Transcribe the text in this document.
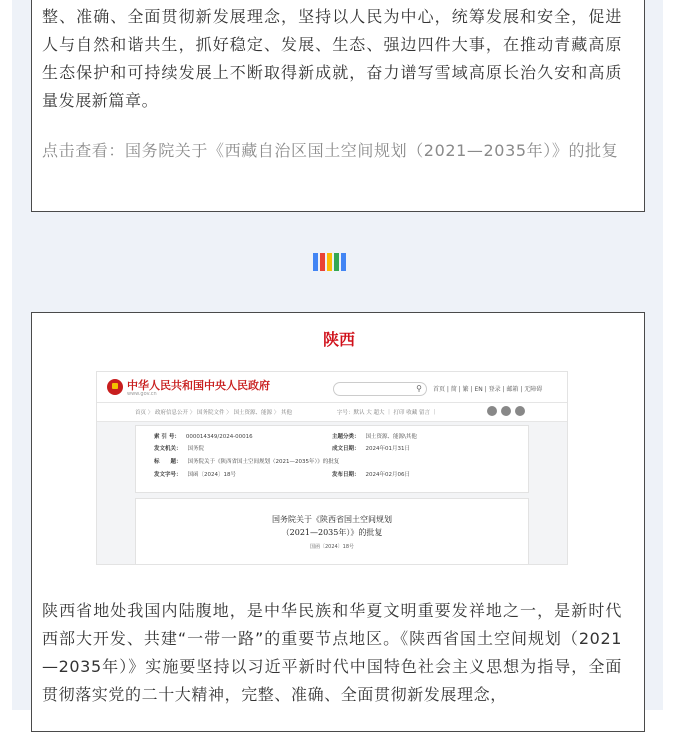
整、准确、全面贯彻新发展理念，坚持以人民为中心，统筹发展和安全，促进人与自然和谐共生，抓好稳定、发展、生态、强边四件大事，在推动青藏高原生态保护和可持续发展上不断取得新成就，奋力谱写雪域高原长治久安和高质量发展新篇章。
点击查看：国务院关于《西藏自治区国土空间规划（2021—2035年）》的批复
陕西
中华人民共和国中央人民政府
www.gov.cn
⚲ 首页 | 简 | 繁 | EN | 登录 | 邮箱 | 无障碍
首页 〉 政府信息公开 〉 国务院文件 〉 国土资源、能源 〉 其他	字号：默认 大 超大 ｜ 打印 收藏 留言 ｜
索 引 号： 000014349/2024-00016	主题分类： 国土资源、能源\其他
发文机关： 国务院	成文日期： 2024年01月31日
标　　题： 国务院关于《陕西省国土空间规划（2021—2035年）》的批复
发文字号： 国函〔2024〕18号	发布日期： 2024年02月06日
国务院关于《陕西省国土空间规划
（2021—2035年）》的批复
国函〔2024〕18号
陕西省地处我国内陆腹地，是中华民族和华夏文明重要发祥地之一，是新时代西部大开发、共建“一带一路”的重要节点地区。《陕西省国土空间规划（2021—2035年）》实施要坚持以习近平新时代中国特色社会主义思想为指导，全面贯彻落实党的二十大精神，完整、准确、全面贯彻新发展理念，
